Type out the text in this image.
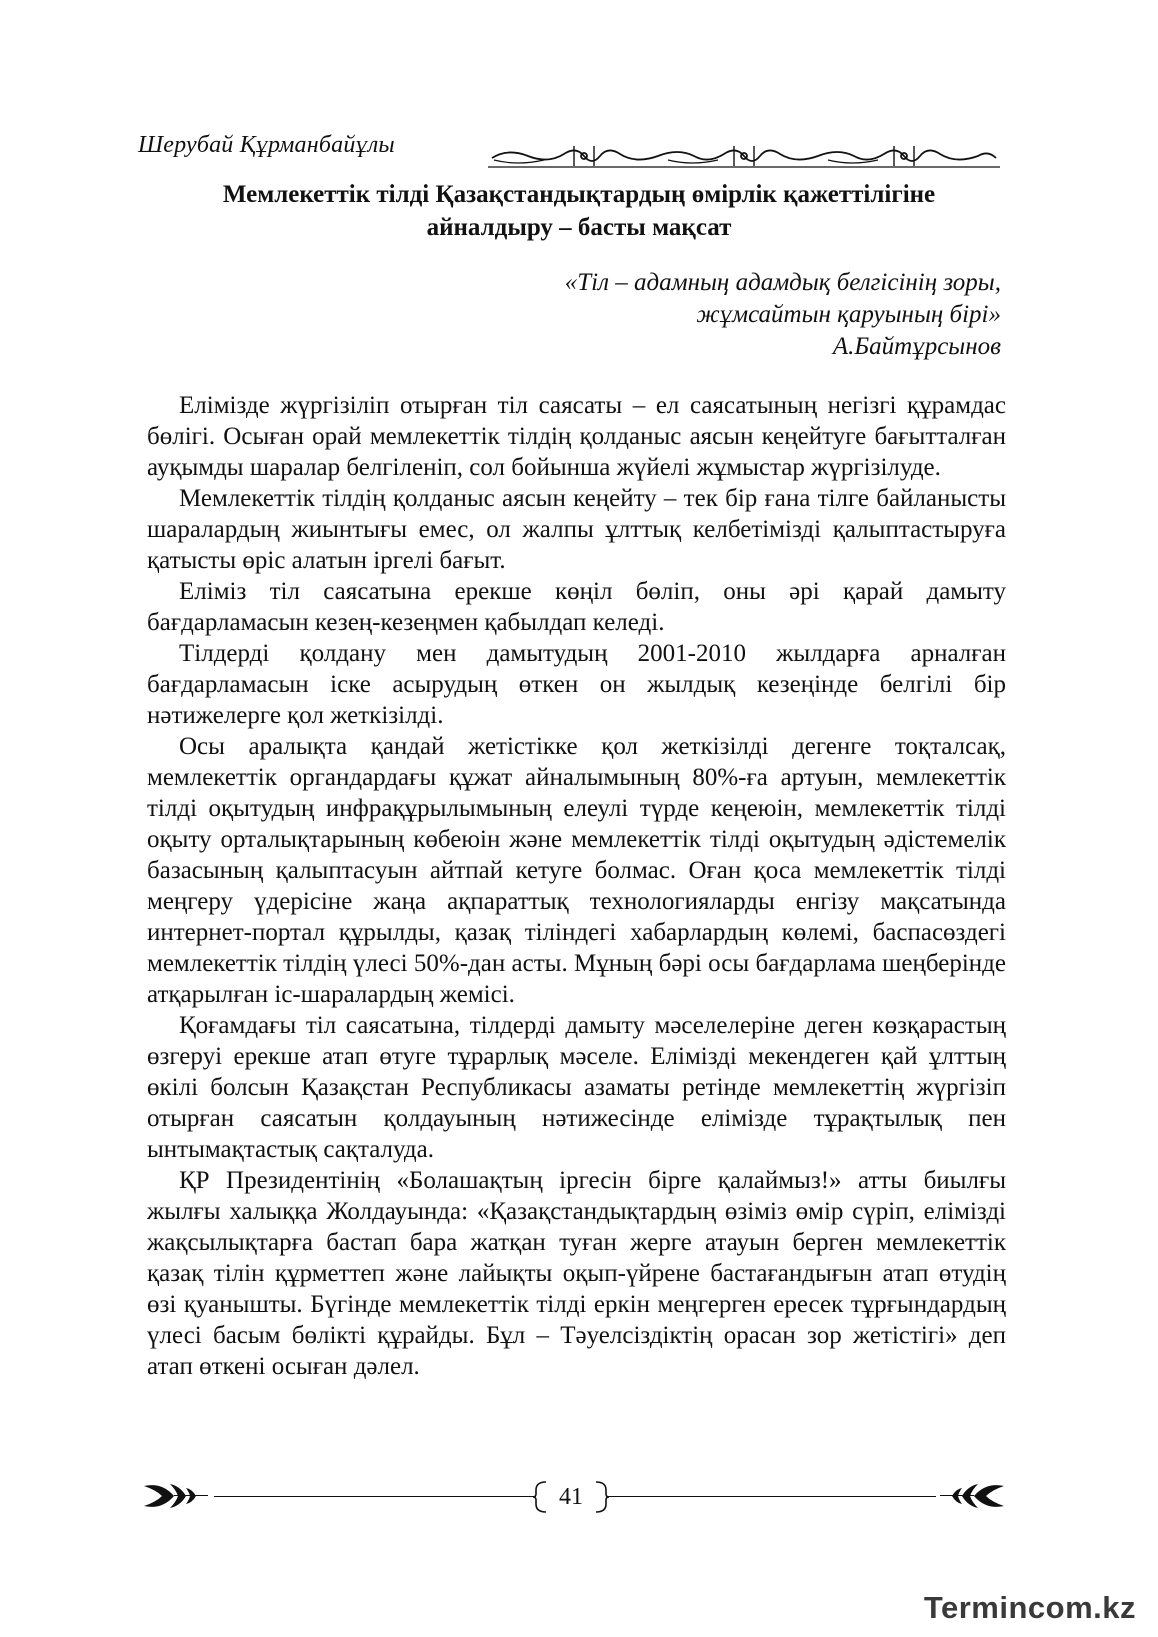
Шерубай Құрманбайұлы
Мемлекеттік тілді Қазақстандықтардың өмірлік қажеттілігіне
айналдыру – басты мақсат
«Тіл – адамның адамдық белгісінің зоры,
жұмсайтын қаруының бірі»
А.Байтұрсынов

Елімізде жүргізіліп отырған тіл саясаты – ел саясатының негізгі құрамдас бөлігі. Осыған орай мемлекеттік тілдің қолданыс аясын кеңейтуге бағытталған ауқымды шаралар белгіленіп, сол бойынша жүйелі жұмыстар жүргізілуде.

Мемлекеттік тілдің қолданыс аясын кеңейту – тек бір ғана тілге байланысты шаралардың жиынтығы емес, ол жалпы ұлттық келбетімізді қалыптастыруға қатысты өріс алатын іргелі бағыт.

Еліміз тіл саясатына ерекше көңіл бөліп, оны әрі қарай дамыту бағдарламасын кезең-кезеңмен қабылдап келеді.

Тілдерді қолдану мен дамытудың 2001-2010 жылдарға арналған бағдарламасын іске асырудың өткен он жылдық кезеңінде белгілі бір нәтижелерге қол жеткізілді.

Осы аралықта қандай жетістікке қол жеткізілді дегенге тоқталсақ, мемлекеттік органдардағы құжат айналымының 80%-ға артуын, мемлекеттік тілді оқытудың инфрақұрылымының елеулі түрде кеңеюін, мемлекеттік тілді оқыту орталықтарының көбеюін және мемлекеттік тілді оқытудың әдістемелік базасының қалыптасуын айтпай кетуге болмас. Оған қоса мемлекеттік тілді меңгеру үдерісіне жаңа ақпараттық технологияларды енгізу мақсатында интернет-портал құрылды, қазақ тіліндегі хабарлардың көлемі, баспасөздегі мемлекеттік тілдің үлесі 50%-дан асты. Мұның бәрі осы бағдарлама шеңберінде атқарылған іс-шаралардың жемісі.

Қоғамдағы тіл саясатына, тілдерді дамыту мәселелеріне деген көзқарастың өзгеруі ерекше атап өтуге тұрарлық мәселе. Елімізді мекендеген қай ұлттың өкілі болсын Қазақстан Республикасы азаматы ретінде мемлекеттің жүргізіп отырған саясатын қолдауының нәтижесінде елімізде тұрақтылық пен ынтымақтастық сақталуда.

ҚР Президентінің «Болашақтың іргесін бірге қалаймыз!» атты биылғы жылғы халыққа Жолдауында: «Қазақстандықтардың өзіміз өмір сүріп, елімізді жақсылықтарға бастап бара жатқан туған жерге атауын берген мемлекеттік қазақ тілін құрметтеп және лайықты оқып-үйрене бастағандығын атап өтудің өзі қуанышты. Бүгінде мемлекеттік тілді еркін меңгерген ересек тұрғындардың үлесі басым бөлікті құрайды. Бұл – Тәуелсіздіктің орасан зор жетістігі» деп атап өткені осыған дәлел.

41
Termincom.kz
